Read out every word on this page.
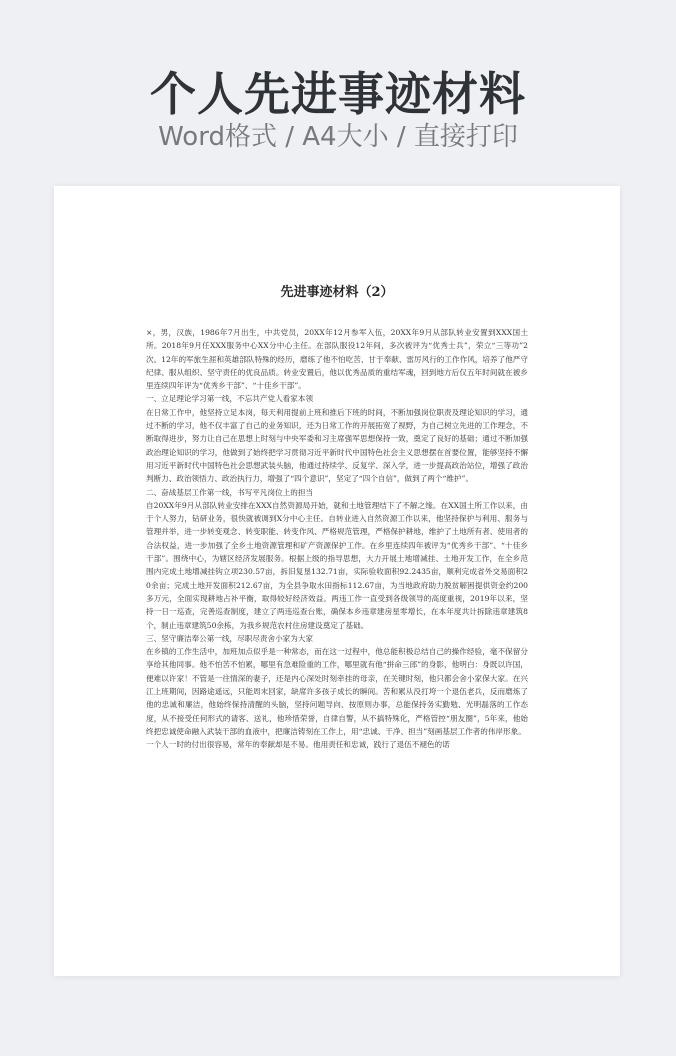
个人先进事迹材料
Word格式 / A4大小 / 直接打印
先进事迹材料（2）

×，男，汉族，1986年7月出生，中共党员，20XX年12月参军入伍，20XX年9月从部队转业安置到XXX国土所。2018年9月任XXX服务中心XX分中心主任。在部队服役12年间，多次被评为“优秀士兵”，荣立“三等功”2次。12年的军旅生涯和英雄部队特殊的经历，磨练了他不怕吃苦、甘于奉献、雷厉风行的工作作风，培养了他严守纪律、服从组织、坚守责任的优良品质。转业安置后，他以优秀品质的重结军魂，回到地方后仅五年时间就在被乡里连续四年评为“优秀乡干部”、“十佳乡干部”。

一、立足理论学习第一线，不忘共产党人看家本领

在日常工作中，他坚持立足本岗，每天利用提前上班和推后下班的时间，不断加强岗位职责及理论知识的学习，通过不断的学习，他不仅丰富了自己的业务知识，还为日常工作的开展拓宽了视野，为自己树立先进的工作理念，不断取得进步，努力让自己在思想上时刻与中央军委和习主席强军思想保持一致，奠定了良好的基础；通过不断加强政治理论知识的学习，他做到了始终把学习贯彻习近平新时代中国特色社会主义思想摆在首要位置，能够坚持不懈用习近平新时代中国特色社会思想武装头脑，他通过持续学、反复学、深入学，进一步提高政治站位，增强了政治判断力、政治领悟力、政治执行力，增强了“四个意识”，坚定了“四个自信”，做到了两个“维护”。

二、奋战基层工作第一线，书写平凡岗位上的担当

自20XX年9月从部队转业安排在XXX自然资源局开始，就和土地管理结下了不解之缘。在XX国土所工作以来，由于个人努力，钻研业务，很快就被调到X分中心主任。自转业进入自然资源工作以来，他坚持保护与利用、服务与管理并举，进一步转变观念、转变职能、转变作风、严格规范管理，严格保护耕地，维护了土地所有者、使用者的合法权益，进一步加强了全乡土地资源管理和矿产资源保护工作。在乡里连续四年被评为“优秀乡干部”、“十佳乡干部”。围绕中心，为辖区经济发展服务。根据上级的指导思想，大力开展土地增减挂、土地开发工作，在全乡范围内完成土地增减挂钩立项230.57亩，拆旧复垦132.71亩，实际验收面积92.2435亩，顺利完成省外交易面积20余亩；完成土地开发面积212.67亩，为全县争取水田指标112.67亩，为当地政府助力脱贫解困提供资金约200多万元，全面实现耕地占补平衡，取得较好经济效益。两违工作一直受到各级领导的高度重视，2019年以来，坚持一日一巡查，完善巡查制度，建立了两违巡查台账，确保本乡违章建房星零增长，在本年度共计拆除违章建筑8个，制止违章建筑50余栋，为我乡规范农村住房建设奠定了基础。

三、坚守廉洁奉公第一线，尽职尽责舍小家为大家

在乡镇的工作生活中，加班加点似乎是一种常态，而在这一过程中，他总能积极总结自己的操作经验，毫不保留分享给其他同事。他不怕苦不怕累，哪里有急难险重的工作，哪里就有他“拼命三郎”的身影，他明白：身既以许国，便难以许家！不管是一往情深的妻子，还是内心深处时刻牵挂的母亲，在关键时刻，他只都会舍小家保大家。在兴江上班期间，因路途遥远，只能周末回家，缺席许多孩子成长的瞬间。苦和累从没打垮一个退伍老兵，反而磨炼了他的忠诚和廉洁，他始终保持清醒的头脑，坚持问题导向、按原则办事，总能保持务实勤勉、光明磊落的工作态度，从不接受任何形式的请客、送礼，他珍惜荣誉，自律自警，从不搞特殊化，严格管控“朋友圈”，5年来，他始终把忠诚使命融入武装干部的血液中，把廉洁铸刻在工作上，用“忠诚、干净、担当”刻画基层工作者的伟岸形象。

一个人一时的付出很容易，常年的奉献却是不易。他用责任和忠诚，践行了退伍不褪色的诺
